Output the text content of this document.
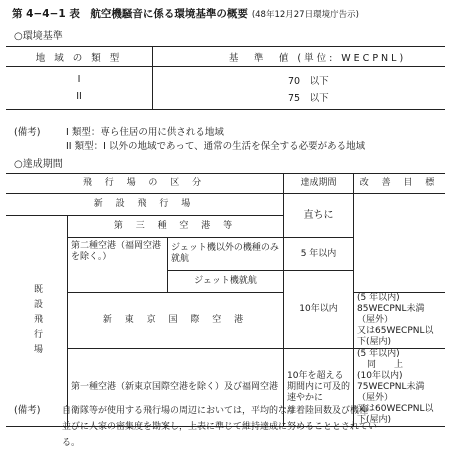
第 4−4−1 表　航空機騒音に係る環境基準の概要 (48年12月27日環境庁告示)
○環境基準
地 域 の 類 型	基　準　値 (単位: WECPNL)
I	70　以下
II	75　以下
(備考)	I 類型：専ら住居の用に供される地域
II 類型：I 以外の地域であって、通常の生活を保全する必要がある地域
○達成期間
飛 行 場 の 区 分			達成期間	改 善 目 標
新 設 飛 行 場			直ちに	
既設飛行場	第 三 種 空 港 等			
	第二種空港（福岡空港を除く。）	ジェット機以外の機種のみ就航	5 年以内	
		ジェット機就航	10年以内	
	新 東 京 国 際 空 港			(5 年以内)
85WECPNL未満（屋外）
又は65WECPNL以下(屋内)

	第一種空港（新東京国際空港を除く）及び福岡空港		10年を超える期間内に可及的速やかに	(5 年以内)
同　　上
(10年以内)
75WECPNL未満（屋外）
又は60WECPNL以下(屋内)
(備考)	自衛隊等が使用する飛行場の周辺においては，平均的な離着陸回数及び機種
並びに人家の密集度を勘案し，上表に準じて維持達成に努めることとされてい
る。
